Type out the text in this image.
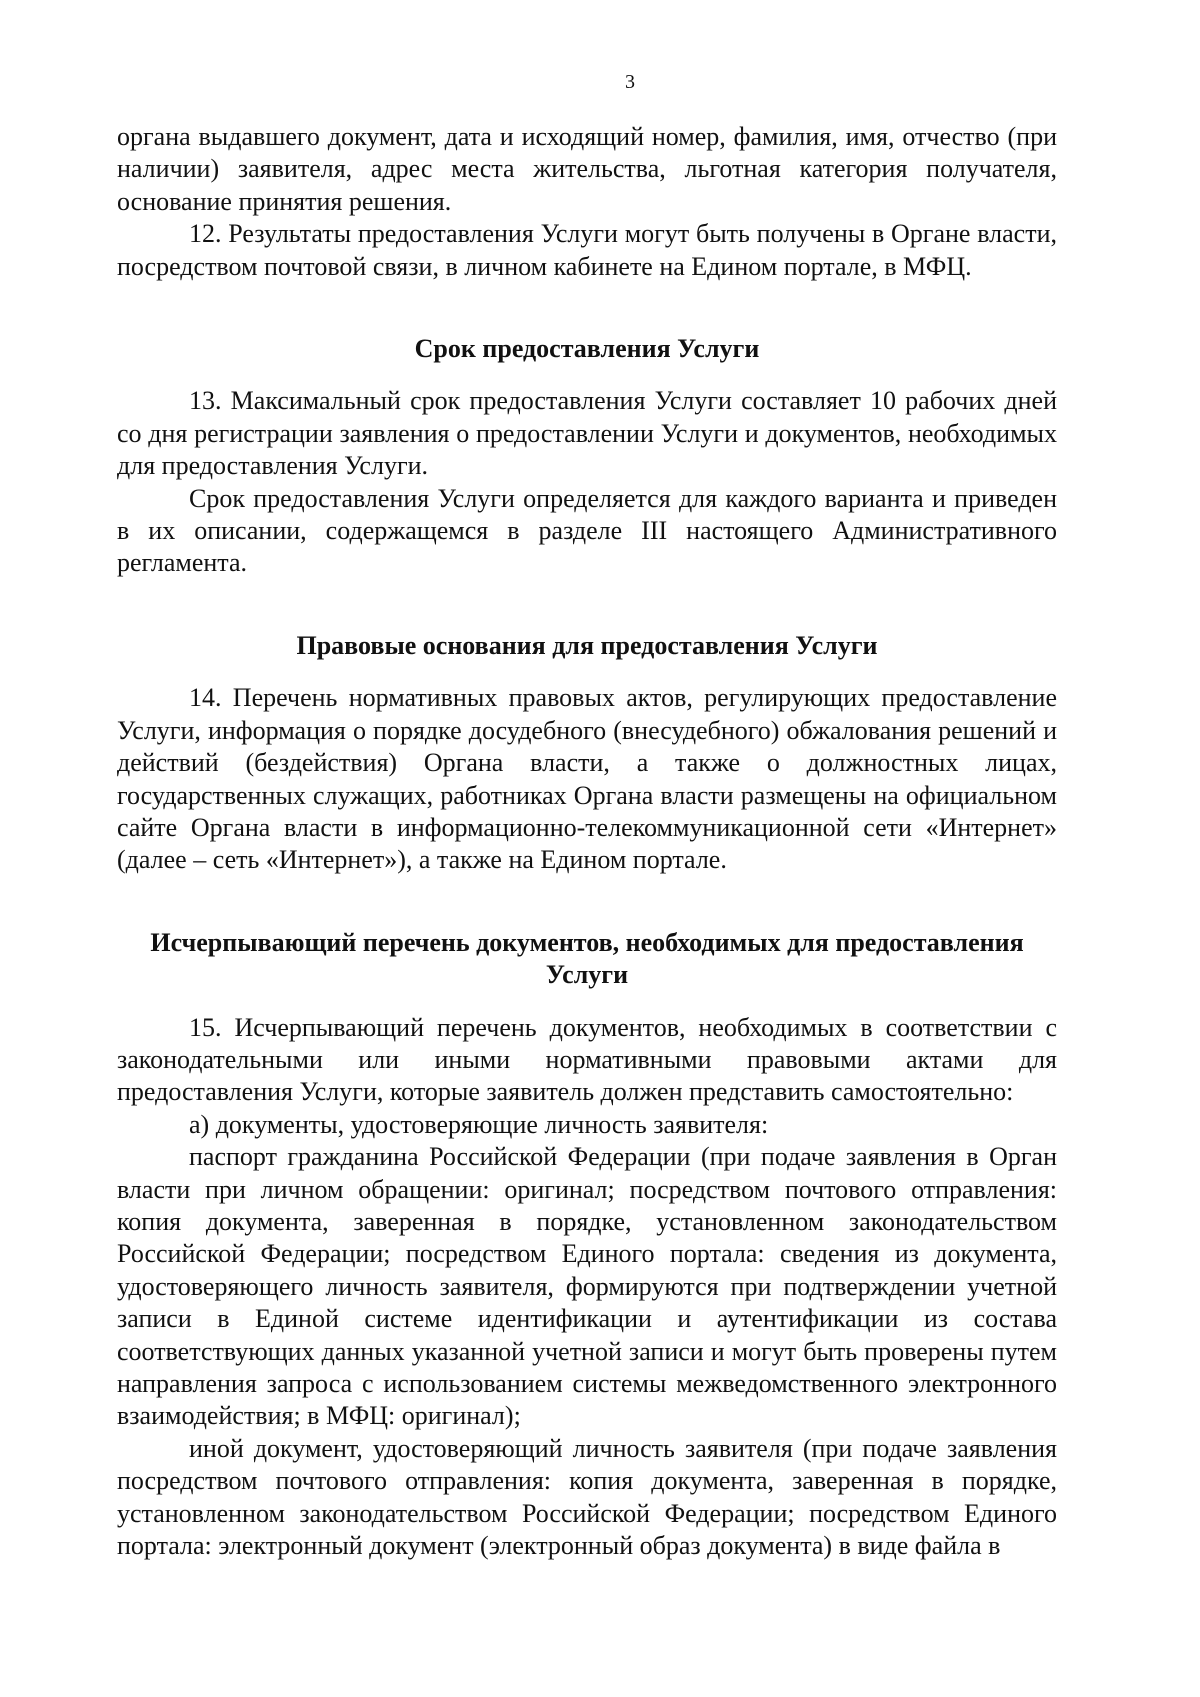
3

органа выдавшего документ, дата и исходящий номер, фамилия, имя, отчество (при наличии) заявителя, адрес места жительства, льготная категория получателя, основание принятия решения.

12. Результаты предоставления Услуги могут быть получены в Органе власти, посредством почтовой связи, в личном кабинете на Едином портале, в МФЦ.

Срок предоставления Услуги

13. Максимальный срок предоставления Услуги составляет 10 рабочих дней со дня регистрации заявления о предоставлении Услуги и документов, необходимых для предоставления Услуги.

Срок предоставления Услуги определяется для каждого варианта и приведен в их описании, содержащемся в разделе III настоящего Административного регламента.

Правовые основания для предоставления Услуги

14. Перечень нормативных правовых актов, регулирующих предоставление Услуги, информация о порядке досудебного (внесудебного) обжалования решений и действий (бездействия) Органа власти, а также о должностных лицах, государственных служащих, работниках Органа власти размещены на официальном сайте Органа власти в информационно-телекоммуникационной сети «Интернет» (далее – сеть «Интернет»), а также на Едином портале.

Исчерпывающий перечень документов, необходимых для предоставления Услуги

15. Исчерпывающий перечень документов, необходимых в соответствии с законодательными или иными нормативными правовыми актами для предоставления Услуги, которые заявитель должен представить самостоятельно:

а) документы, удостоверяющие личность заявителя:

паспорт гражданина Российской Федерации (при подаче заявления в Орган власти при личном обращении: оригинал; посредством почтового отправления: копия документа, заверенная в порядке, установленном законодательством Российской Федерации; посредством Единого портала: сведения из документа, удостоверяющего личность заявителя, формируются при подтверждении учетной записи в Единой системе идентификации и аутентификации из состава соответствующих данных указанной учетной записи и могут быть проверены путем направления запроса с использованием системы межведомственного электронного взаимодействия; в МФЦ: оригинал);

иной документ, удостоверяющий личность заявителя (при подаче заявления посредством почтового отправления: копия документа, заверенная в порядке, установленном законодательством Российской Федерации; посредством Единого портала: электронный документ (электронный образ документа) в виде файла в
